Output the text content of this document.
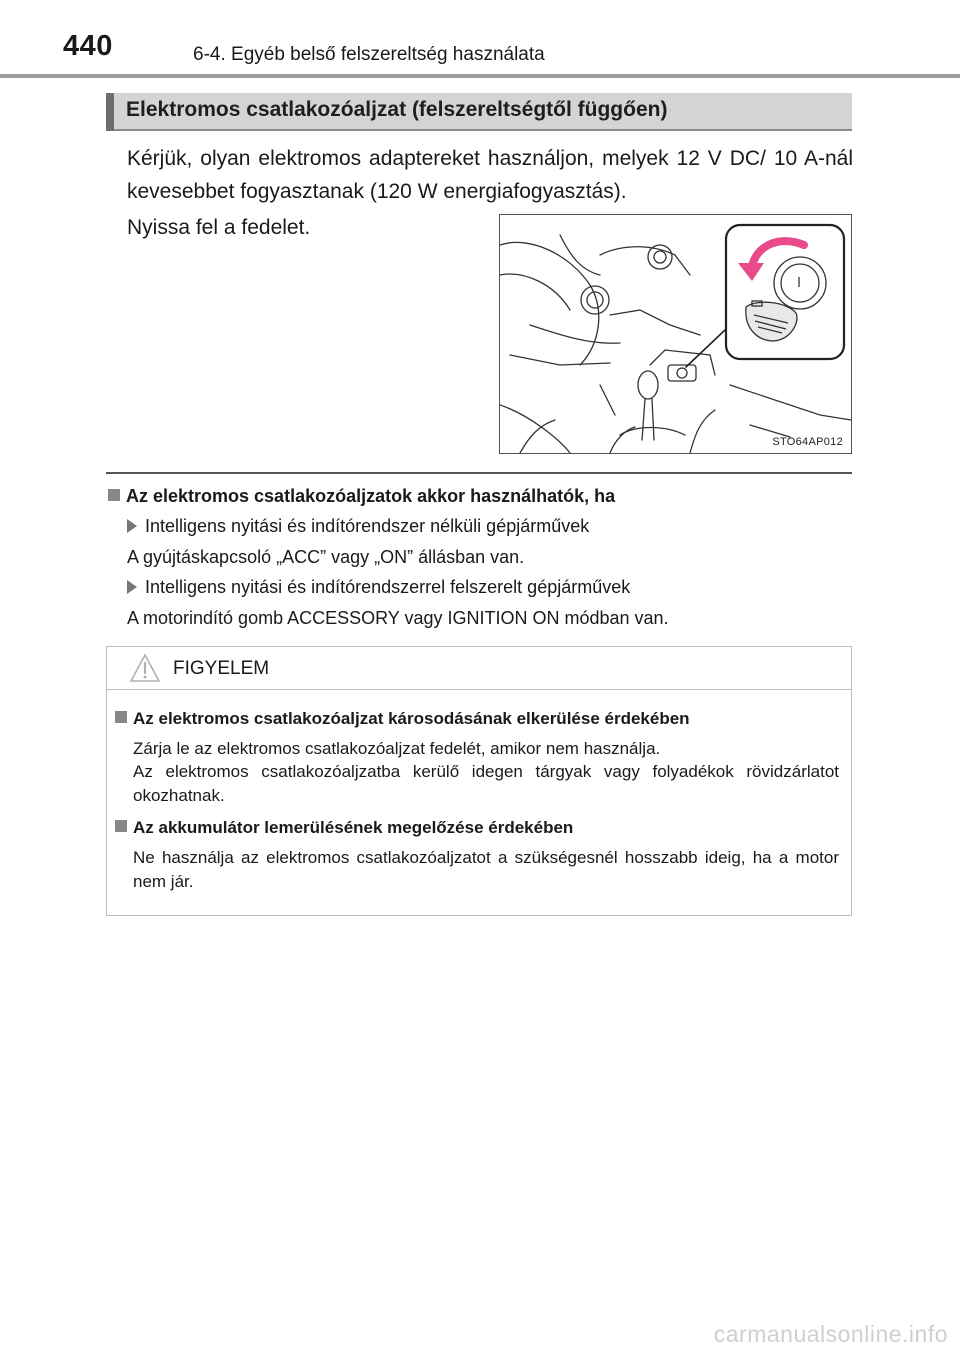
440	6-4. Egyéb belső felszereltség használata
Elektromos csatlakozóaljzat (felszereltségtől függően)
Kérjük, olyan elektromos adaptereket használjon, melyek 12 V DC/ 10 A-nál kevesebbet fogyasztanak (120 W energiafogyasztás).
Nyissa fel a fedelet.
STO64AP012
Az elektromos csatlakozóaljzatok akkor használhatók, ha
Intelligens nyitási és indítórendszer nélküli gépjárművek
A gyújtáskapcsoló „ACC” vagy „ON” állásban van.
Intelligens nyitási és indítórendszerrel felszerelt gépjárművek
A motorindító gomb ACCESSORY vagy IGNITION ON módban van.
FIGYELEM
Az elektromos csatlakozóaljzat károsodásának elkerülése érdekében
Zárja le az elektromos csatlakozóaljzat fedelét, amikor nem használja.
Az elektromos csatlakozóaljzatba kerülő idegen tárgyak vagy folyadékok rövidzárlatot okozhatnak.
Az akkumulátor lemerülésének megelőzése érdekében
Ne használja az elektromos csatlakozóaljzatot a szükségesnél hosszabb ideig, ha a motor nem jár.
carmanualsonline.info
